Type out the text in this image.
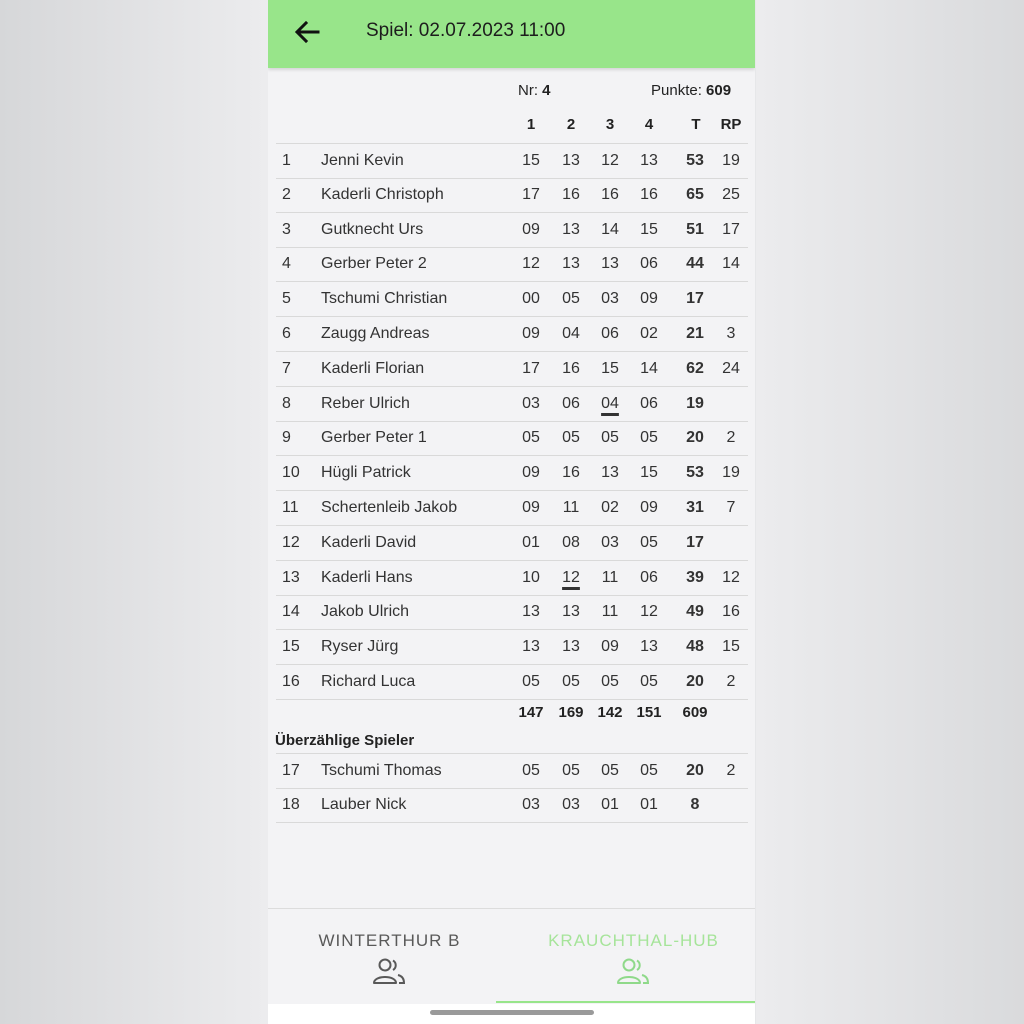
Spiel: 02.07.2023 11:00
Nr: 4	Punkte: 609
1	2	3	4	T	RP
1 Jenni Kevin	15	13	12	13	53	19
2 Kaderli Christoph	17	16	16	16	65	25
3 Gutknecht Urs	09	13	14	15	51	17
4 Gerber Peter 2	12	13	13	06	44	14
5 Tschumi Christian	00	05	03	09	17
6 Zaugg Andreas	09	04	06	02	21	3
7 Kaderli Florian	17	16	15	14	62	24
8 Reber Ulrich	03	06	04	06	19
9 Gerber Peter 1	05	05	05	05	20	2
10 Hügli Patrick	09	16	13	15	53	19
11 Schertenleib Jakob	09	11	02	09	31	7
12 Kaderli David	01	08	03	05	17
13 Kaderli Hans	10	12	11	06	39	12
14 Jakob Ulrich	13	13	11	12	49	16
15 Ryser Jürg	13	13	09	13	48	15
16 Richard Luca	05	05	05	05	20	2
147 169 142 151 609
Überzählige Spieler
17 Tschumi Thomas	05	05	05	05	20	2
18 Lauber Nick	03	03	01	01	8
WINTERTHUR B	KRAUCHTHAL-HUB
